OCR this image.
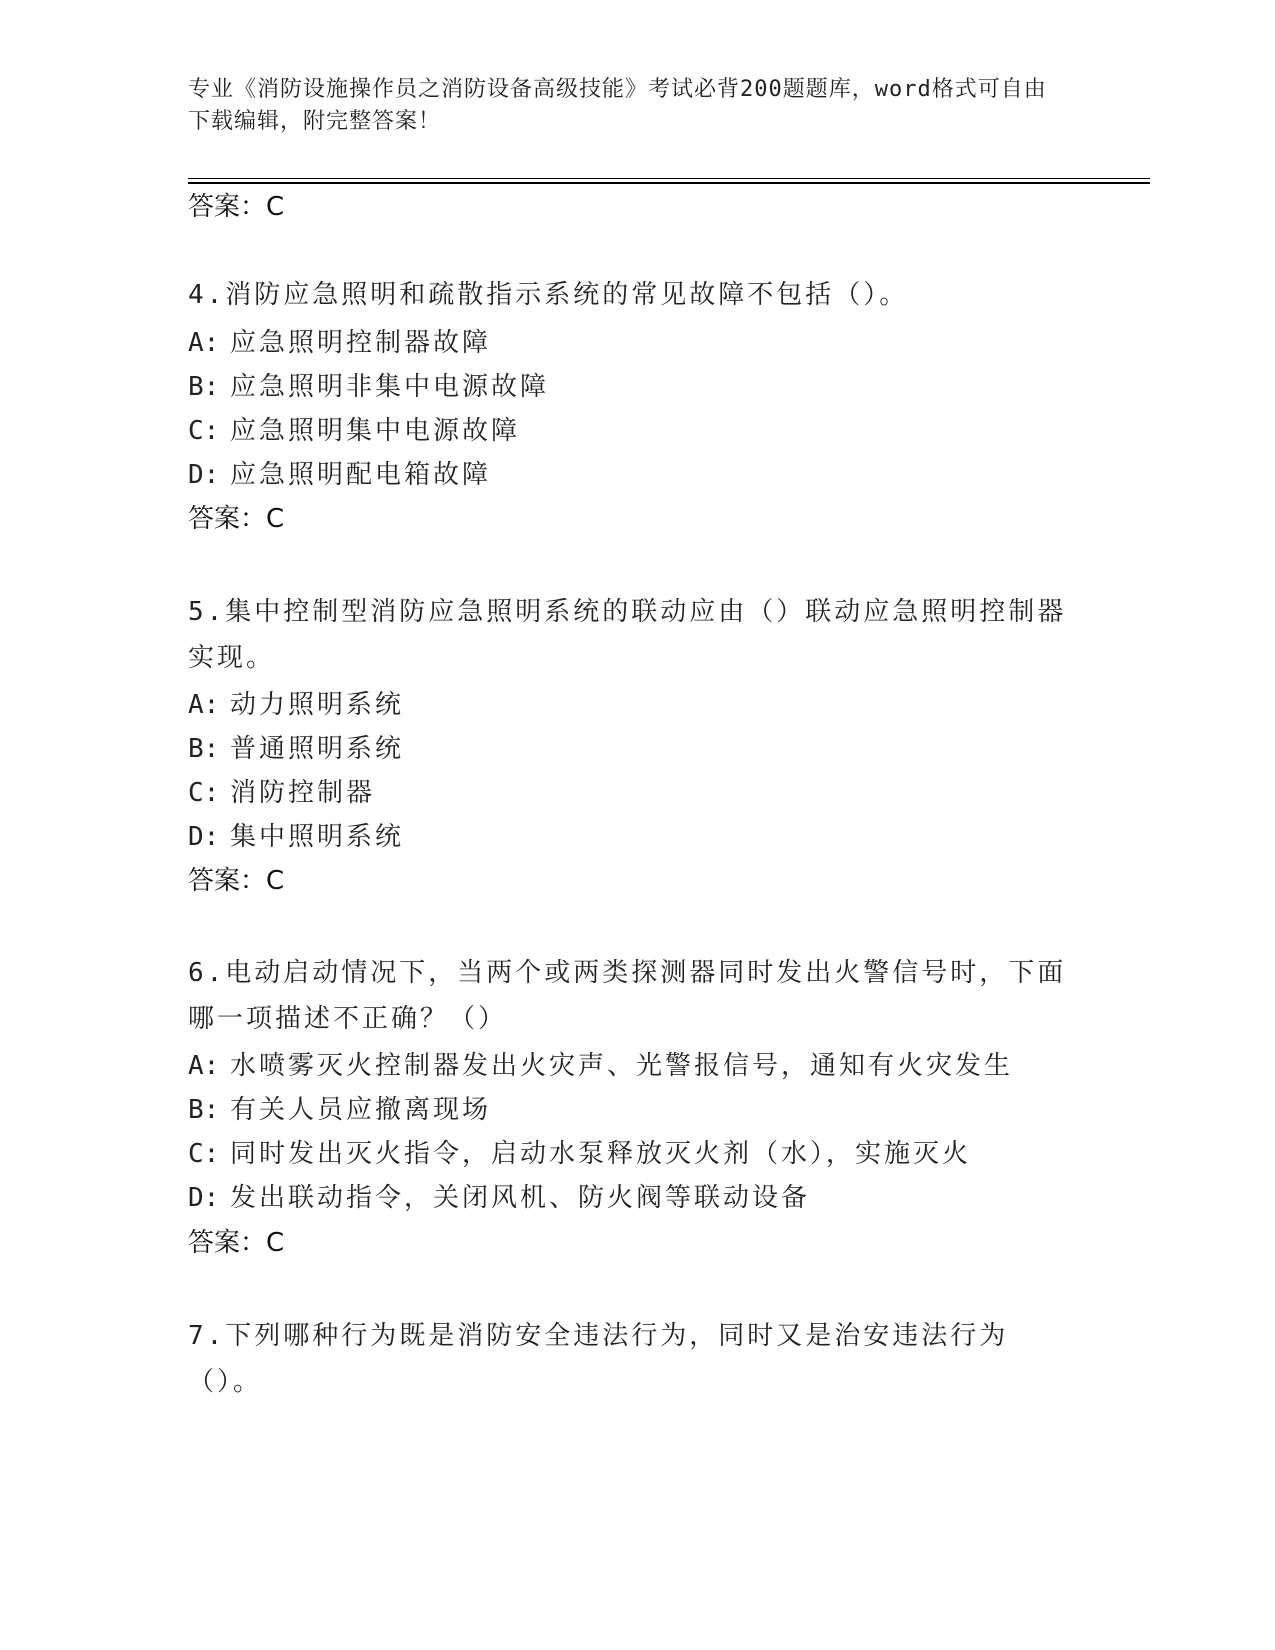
专业《消防设施操作员之消防设备高级技能》考试必背200题题库，word格式可自由下载编辑，附完整答案！
答案：C
4.消防应急照明和疏散指示系统的常见故障不包括（）。
A: 应急照明控制器故障
B: 应急照明非集中电源故障
C: 应急照明集中电源故障
D: 应急照明配电箱故障
答案：C
5.集中控制型消防应急照明系统的联动应由（）联动应急照明控制器实现。
A: 动力照明系统
B: 普通照明系统
C: 消防控制器
D: 集中照明系统
答案：C
6.电动启动情况下，当两个或两类探测器同时发出火警信号时，下面哪一项描述不正确？（）
A: 水喷雾灭火控制器发出火灾声、光警报信号，通知有火灾发生
B: 有关人员应撤离现场
C: 同时发出灭火指令，启动水泵释放灭火剂（水），实施灭火
D: 发出联动指令，关闭风机、防火阀等联动设备
答案：C
7.下列哪种行为既是消防安全违法行为，同时又是治安违法行为（）。
